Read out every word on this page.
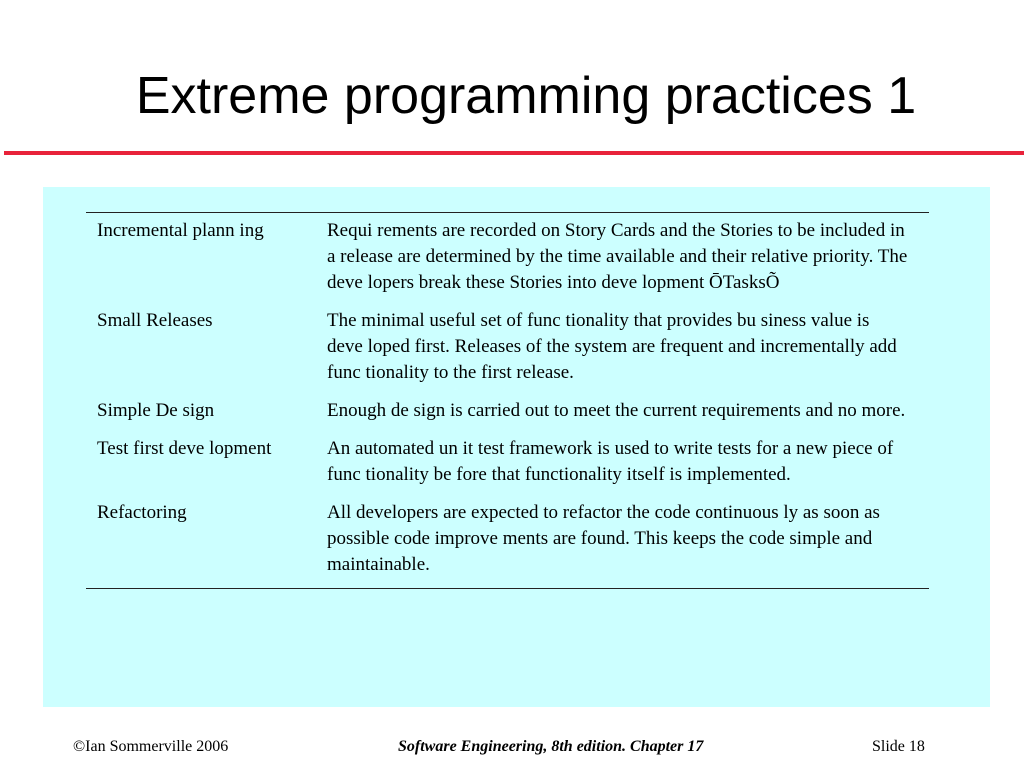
Extreme programming practices 1
Incremental plann ing	Requi rements are recorded on Story Cards and the Stories to be included in a release are determined by the time available and their relative priority. The deve lopers break these Stories into deve lopment ŌTasksÕ
Small Releases	The minimal useful set of func tionality that provides bu siness value is deve loped first. Releases of the system are frequent and incrementally add func tionality to the first release.
Simple De sign	Enough de sign is carried out to meet the current requirements and no more.
Test first deve lopment	An automated un it test framework is used to write tests for a new piece of func tionality be fore that functionality itself is implemented.
Refactoring	All developers are expected to refactor the code continuous ly as soon as possible code improve ments are found. This keeps the code simple and maintainable.
©Ian Sommerville 2006	Software Engineering, 8th edition. Chapter 17	Slide 18
